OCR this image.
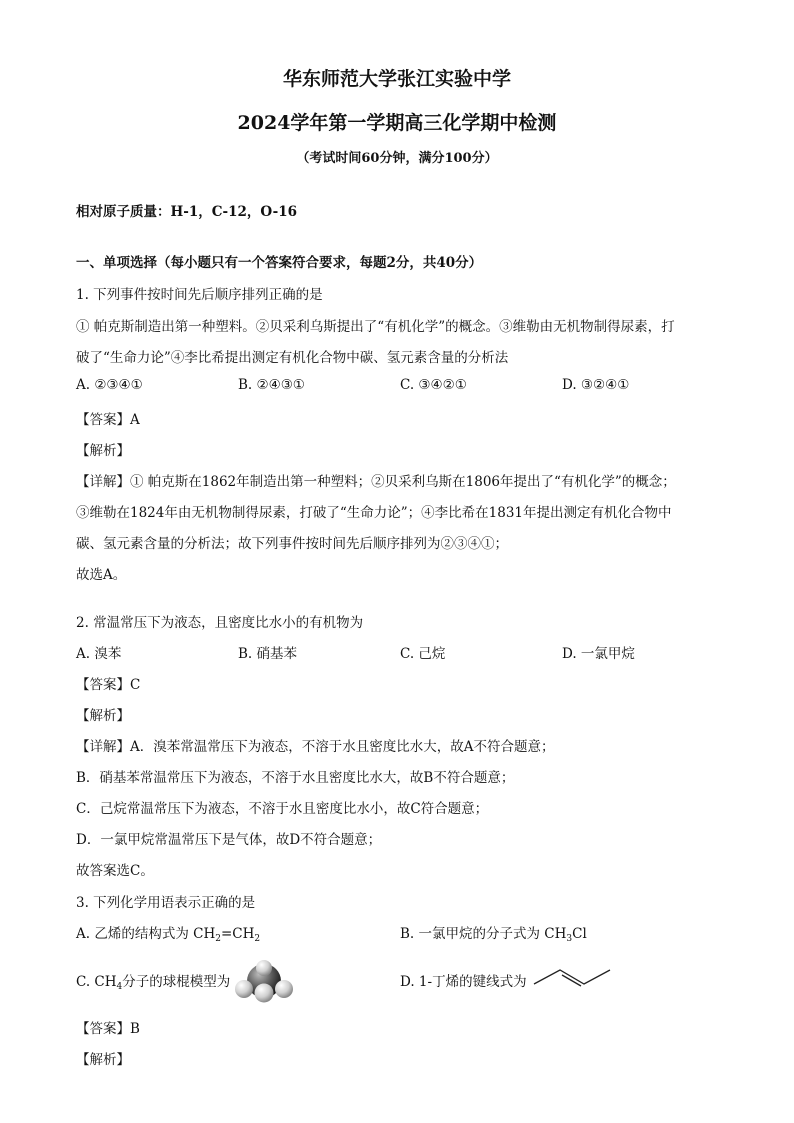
华东师范大学张江实验中学
2024学年第一学期高三化学期中检测
（考试时间60分钟，满分100分）
相对原子质量：H-1，C-12，O-16
一、单项选择（每小题只有一个答案符合要求，每题2分，共40分）
1. 下列事件按时间先后顺序排列正确的是
① 帕克斯制造出第一种塑料。②贝采利乌斯提出了“有机化学”的概念。③维勒由无机物制得尿素，打
破了“生命力论”④李比希提出测定有机化合物中碳、氢元素含量的分析法
A. ②③④①	B. ②④③①	C. ③④②①	D. ③②④①
【答案】A
【解析】
【详解】① 帕克斯在1862年制造出第一种塑料；②贝采利乌斯在1806年提出了“有机化学”的概念；
③维勒在1824年由无机物制得尿素，打破了“生命力论”；④李比希在1831年提出测定有机化合物中
碳、氢元素含量的分析法；故下列事件按时间先后顺序排列为②③④①；
故选A。
2. 常温常压下为液态，且密度比水小的有机物为
A. 溴苯	B. 硝基苯	C. 己烷	D. 一氯甲烷
【答案】C
【解析】
【详解】A．溴苯常温常压下为液态，不溶于水且密度比水大，故A不符合题意；
B．硝基苯常温常压下为液态，不溶于水且密度比水大，故B不符合题意；
C．己烷常温常压下为液态，不溶于水且密度比水小，故C符合题意；
D．一氯甲烷常温常压下是气体，故D不符合题意；
故答案选C。
3. 下列化学用语表示正确的是
A. 乙烯的结构式为 $CH_2=CH_2$	B. 一氯甲烷的分子式为 $CH_3Cl$
C. $CH_4$分子的球棍模型为	D. 1-丁烯的键线式为
【答案】B
【解析】
